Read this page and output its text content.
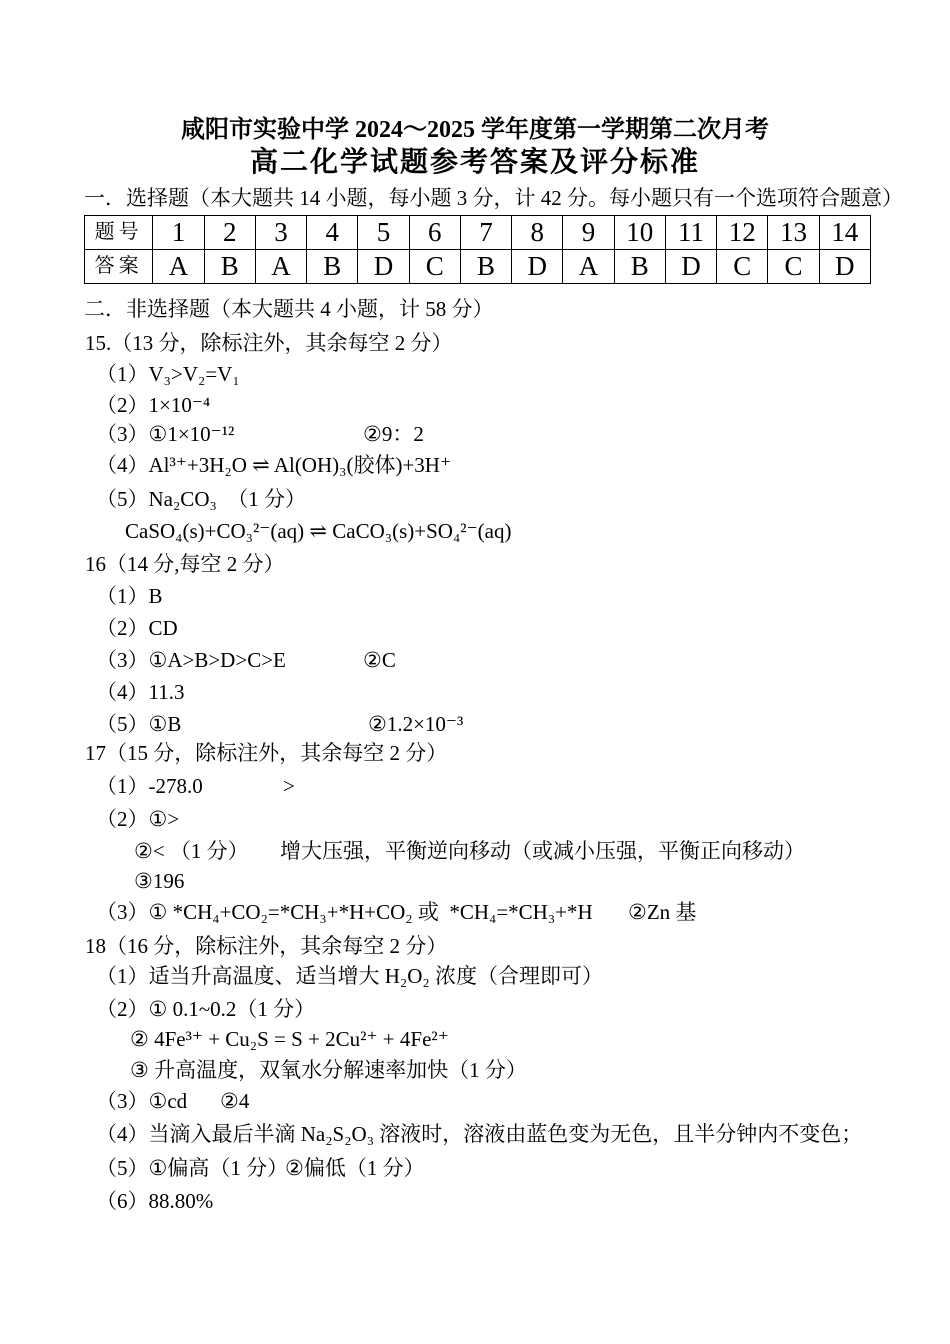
咸阳市实验中学 2024～2025 学年度第一学期第二次月考
高二化学试题参考答案及评分标准
一．选择题（本大题共 14 小题，每小题 3 分，计 42 分。每小题只有一个选项符合题意）
题号	1	2	3	4	5	6	7	8	9	10	11	12	13	14
答案	A	B	A	B	D	C	B	D	A	B	D	C	C	D
二．非选择题（本大题共 4 小题，计 58 分）
15.（13 分，除标注外，其余每空 2 分）
（1）V₃>V₂=V₁
（2）1×10⁻⁴
（3）①1×10⁻¹²	②9：2
（4）Al³⁺+3H₂O ⇌ Al(OH)₃(胶体)+3H⁺
（5）Na₂CO₃  （1 分）
CaSO₄(s)+CO₃²⁻(aq) ⇌ CaCO₃(s)+SO₄²⁻(aq)
16（14 分,每空 2 分）
（1）B
（2）CD
（3）①A>B>D>C>E	②C
（4）11.3
（5）①B	②1.2×10⁻³
17（15 分，除标注外，其余每空 2 分）
（1）-278.0	>
（2）①>
②< （1 分） 增大压强，平衡逆向移动（或减小压强，平衡正向移动）
③196
（3）① *CH₄+CO₂=*CH₃+*H+CO₂ 或  *CH₄=*CH₃+*H ②Zn 基
18（16 分，除标注外，其余每空 2 分）
（1）适当升高温度、适当增大 H₂O₂ 浓度（合理即可）
（2）① 0.1~0.2（1 分）
② 4Fe³⁺ + Cu₂S = S + 2Cu²⁺ + 4Fe²⁺
③ 升高温度，双氧水分解速率加快（1 分）
（3）①cd ②4
（4）当滴入最后半滴 Na₂S₂O₃ 溶液时，溶液由蓝色变为无色，且半分钟内不变色；
（5）①偏高（1 分）
②偏低（1 分）
（6）88.80%
